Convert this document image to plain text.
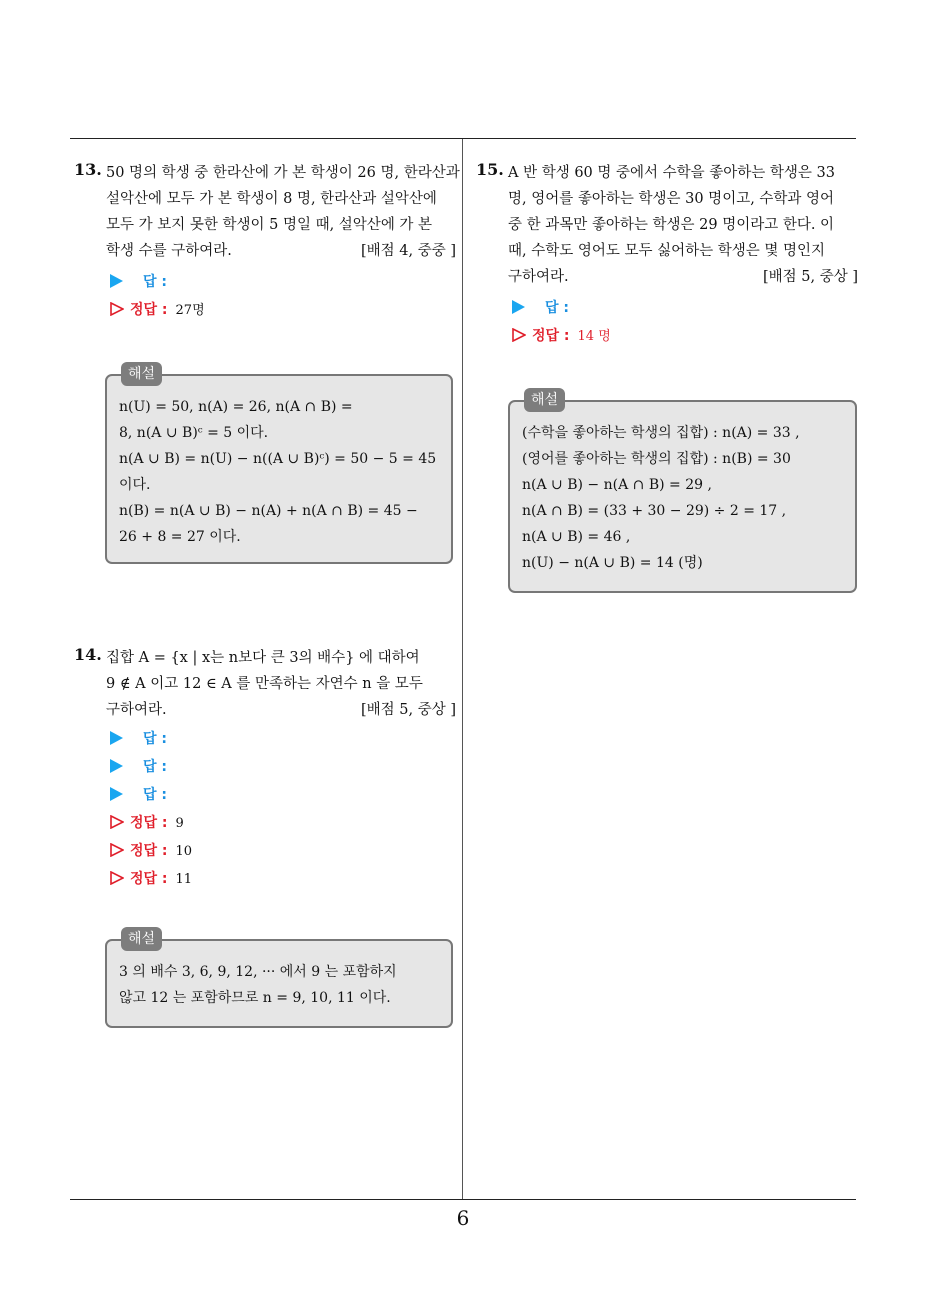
13. 50 명의 학생 중 한라산에 가 본 학생이 26 명, 한라산과
설악산에 모두 가 본 학생이 8 명, 한라산과 설악산에
모두 가 보지 못한 학생이 5 명일 때, 설악산에 가 본
학생 수를 구하여라.	[배점 4, 중중 ]
답 :
정답 : 27명
해설
n(U) = 50, n(A) = 26, n(A ∩ B) =
8, n(A ∪ B)ᶜ = 5 이다.
n(A ∪ B) = n(U) − n((A ∪ B)ᶜ) = 50 − 5 = 45
이다.
n(B) = n(A ∪ B) − n(A) + n(A ∩ B) = 45 −
26 + 8 = 27 이다.
14. 집합 A = {x | x는 n보다 큰 3의 배수} 에 대하여
9 ∉ A 이고 12 ∈ A 를 만족하는 자연수 n 을 모두
구하여라.	[배점 5, 중상 ]
답 :
답 :
답 :
정답 : 9
정답 : 10
정답 : 11
해설
3 의 배수 3, 6, 9, 12, ··· 에서 9 는 포함하지
않고 12 는 포함하므로 n = 9, 10, 11 이다.
15. A 반 학생 60 명 중에서 수학을 좋아하는 학생은 33
명, 영어를 좋아하는 학생은 30 명이고, 수학과 영어
중 한 과목만 좋아하는 학생은 29 명이라고 한다. 이
때, 수학도 영어도 모두 싫어하는 학생은 몇 명인지
구하여라.	[배점 5, 중상 ]
답 :
정답 : 14 명
해설
(수학을 좋아하는 학생의 집합) : n(A) = 33 ,
(영어를 좋아하는 학생의 집합) : n(B) = 30
n(A ∪ B) − n(A ∩ B) = 29 ,
n(A ∩ B) = (33 + 30 − 29) ÷ 2 = 17 ,
n(A ∪ B) = 46 ,
n(U) − n(A ∪ B) = 14 (명)
6
